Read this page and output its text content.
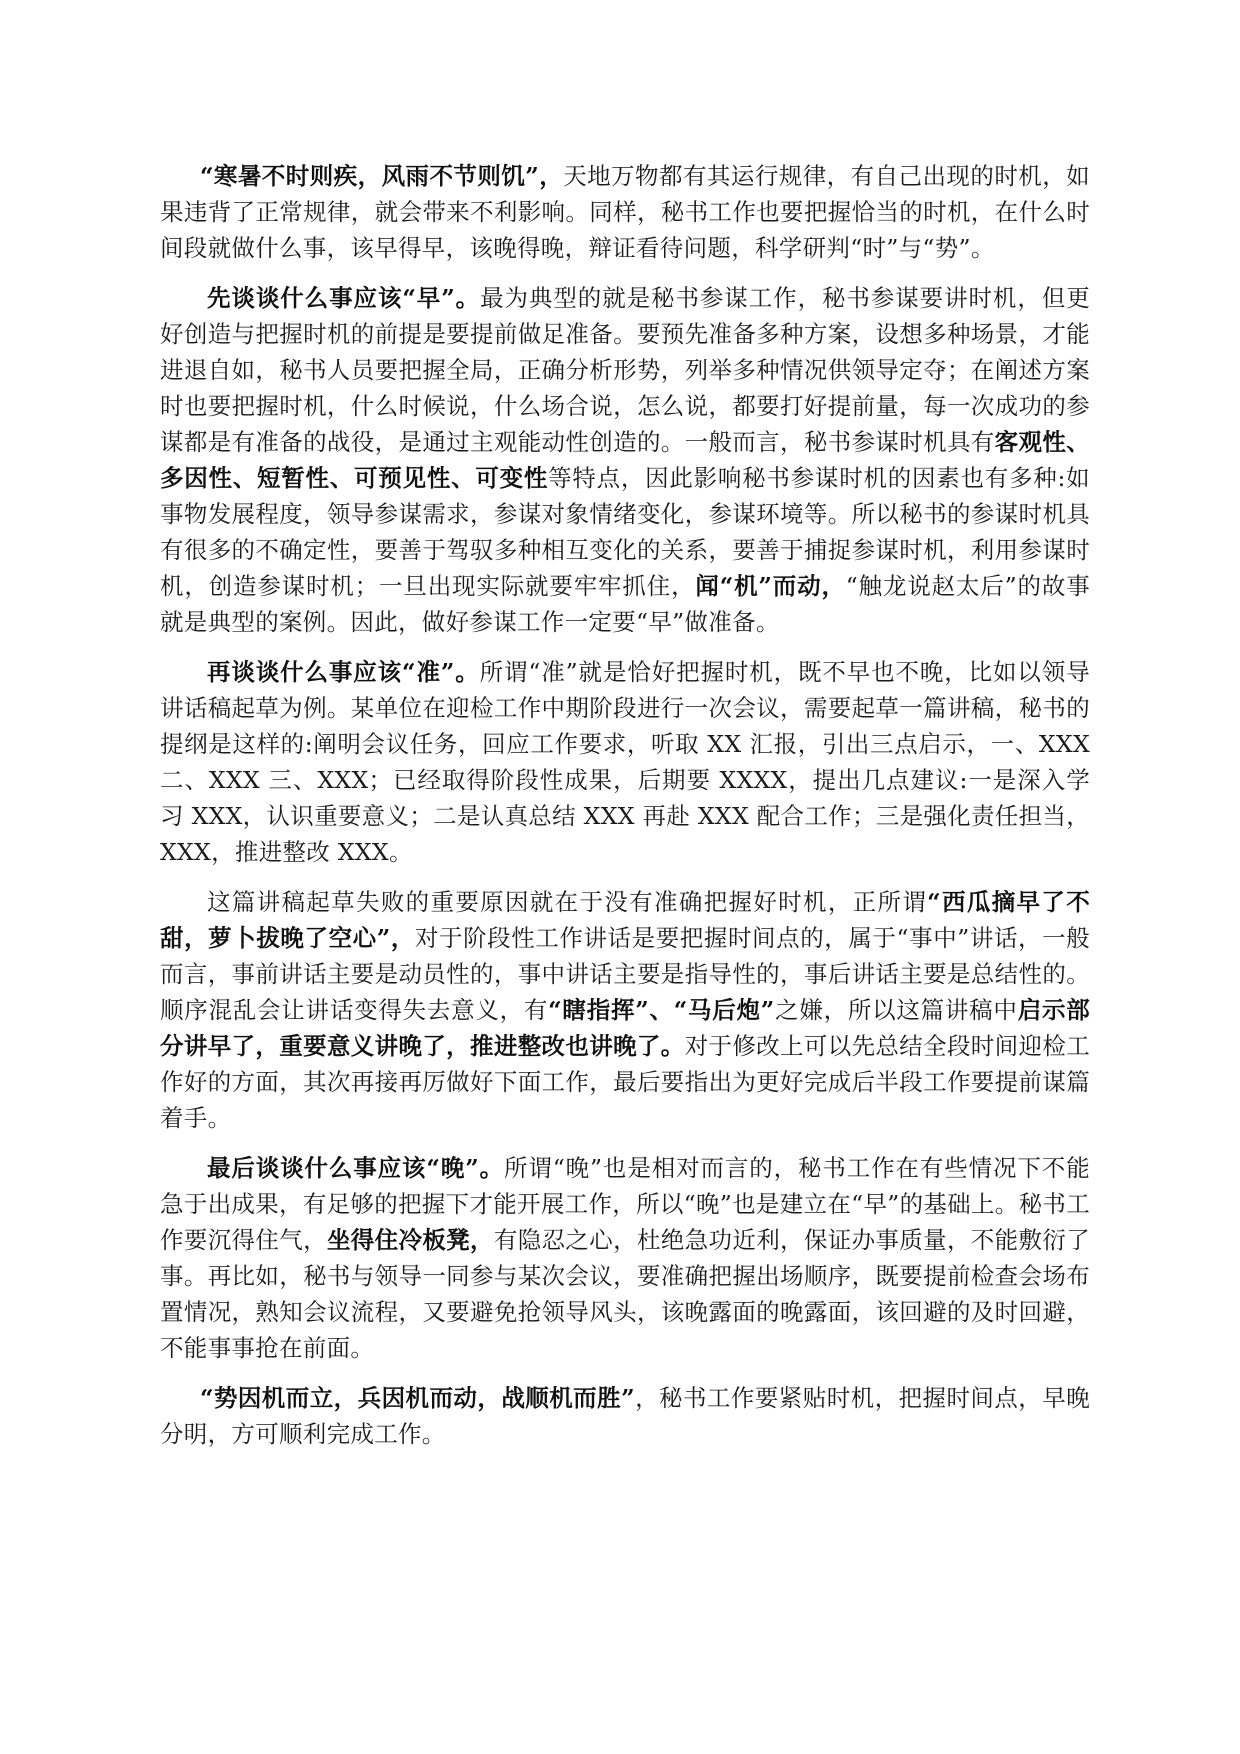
“寒暑不时则疾，风雨不节则饥”，天地万物都有其运行规律，有自己出现的时机，如果违背了正常规律，就会带来不利影响。同样，秘书工作也要把握恰当的时机，在什么时间段就做什么事，该早得早，该晚得晚，辩证看待问题，科学研判“时”与“势”。

先谈谈什么事应该“早”。最为典型的就是秘书参谋工作，秘书参谋要讲时机，但更好创造与把握时机的前提是要提前做足准备。要预先准备多种方案，设想多种场景，才能进退自如，秘书人员要把握全局，正确分析形势，列举多种情况供领导定夺；在阐述方案时也要把握时机，什么时候说，什么场合说，怎么说，都要打好提前量，每一次成功的参谋都是有准备的战役，是通过主观能动性创造的。一般而言，秘书参谋时机具有客观性、多因性、短暂性、可预见性、可变性等特点，因此影响秘书参谋时机的因素也有多种:如事物发展程度，领导参谋需求，参谋对象情绪变化，参谋环境等。所以秘书的参谋时机具有很多的不确定性，要善于驾驭多种相互变化的关系，要善于捕捉参谋时机，利用参谋时机，创造参谋时机；一旦出现实际就要牢牢抓住，闻“机”而动，“触龙说赵太后”的故事就是典型的案例。因此，做好参谋工作一定要“早”做准备。

再谈谈什么事应该“准”。所谓“准”就是恰好把握时机，既不早也不晚，比如以领导讲话稿起草为例。某单位在迎检工作中期阶段进行一次会议，需要起草一篇讲稿，秘书的提纲是这样的:阐明会议任务，回应工作要求，听取 XX 汇报，引出三点启示，一、XXX 二、XXX 三、XXX；已经取得阶段性成果，后期要 XXXX，提出几点建议:一是深入学习 XXX，认识重要意义；二是认真总结 XXX 再赴 XXX 配合工作；三是强化责任担当，XXX，推进整改 XXX。

这篇讲稿起草失败的重要原因就在于没有准确把握好时机，正所谓“西瓜摘早了不甜，萝卜拔晚了空心”，对于阶段性工作讲话是要把握时间点的，属于“事中”讲话，一般而言，事前讲话主要是动员性的，事中讲话主要是指导性的，事后讲话主要是总结性的。顺序混乱会让讲话变得失去意义，有“瞎指挥”、“马后炮”之嫌，所以这篇讲稿中启示部分讲早了，重要意义讲晚了，推进整改也讲晚了。对于修改上可以先总结全段时间迎检工作好的方面，其次再接再厉做好下面工作，最后要指出为更好完成后半段工作要提前谋篇着手。

最后谈谈什么事应该“晚”。所谓“晚”也是相对而言的，秘书工作在有些情况下不能急于出成果，有足够的把握下才能开展工作，所以“晚”也是建立在“早”的基础上。秘书工作要沉得住气，坐得住冷板凳，有隐忍之心，杜绝急功近利，保证办事质量，不能敷衍了事。再比如，秘书与领导一同参与某次会议，要准确把握出场顺序，既要提前检查会场布置情况，熟知会议流程，又要避免抢领导风头，该晚露面的晚露面，该回避的及时回避，不能事事抢在前面。

“势因机而立，兵因机而动，战顺机而胜”，秘书工作要紧贴时机，把握时间点，早晚分明，方可顺利完成工作。
